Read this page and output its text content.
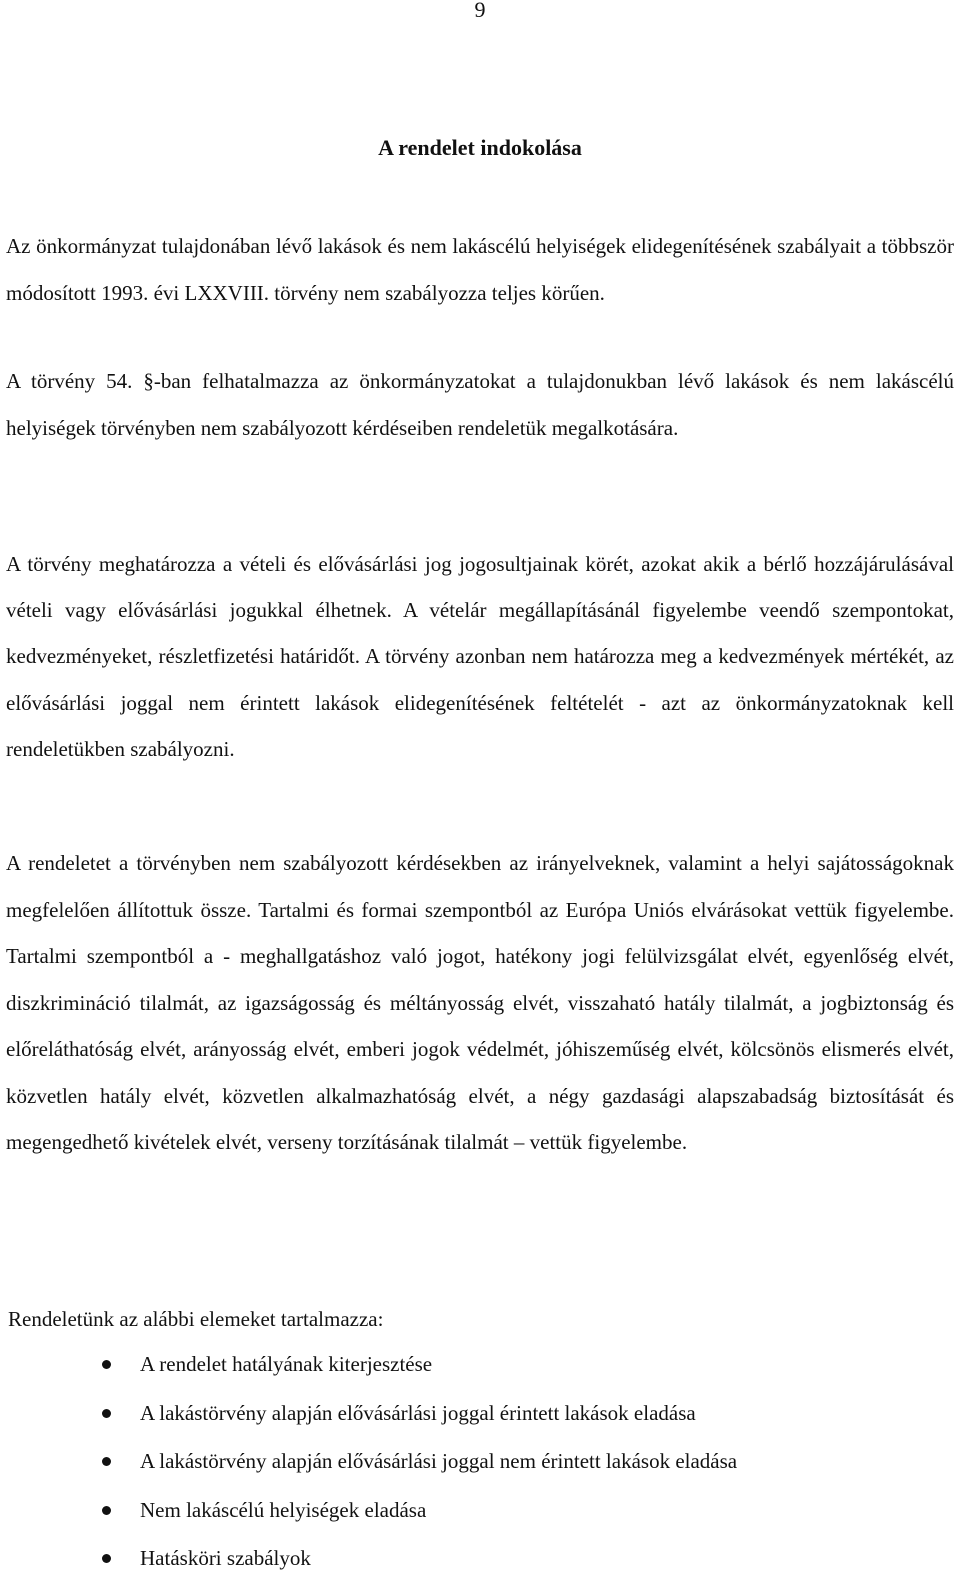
9
A rendelet indokolása

Az önkormányzat tulajdonában lévő lakások és nem lakáscélú helyiségek elidegenítésének szabályait a többször módosított 1993. évi LXXVIII. törvény nem szabályozza teljes körűen.

A törvény 54. §-ban felhatalmazza az önkormányzatokat a tulajdonukban lévő lakások és nem lakáscélú helyiségek törvényben nem szabályozott kérdéseiben rendeletük megalkotására.

A törvény meghatározza a vételi és elővásárlási jog jogosultjainak körét, azokat akik a bérlő hozzájárulásával vételi vagy elővásárlási jogukkal élhetnek. A vételár megállapításánál figyelembe veendő szempontokat, kedvezményeket, részletfizetési határidőt. A törvény azonban nem határozza meg a kedvezmények mértékét, az elővásárlási joggal nem érintett lakások elidegenítésének feltételét - azt az önkormányzatoknak kell rendeletükben szabályozni.

A rendeletet a törvényben nem szabályozott kérdésekben az irányelveknek, valamint a helyi sajátosságoknak megfelelően állítottuk össze. Tartalmi és formai szempontból az Európa Uniós elvárásokat vettük figyelembe. Tartalmi szempontból a - meghallgatáshoz való jogot, hatékony jogi felülvizsgálat elvét, egyenlőség elvét, diszkrimináció tilalmát, az igazságosság és méltányosság elvét, visszaható hatály tilalmát, a jogbiztonság és előreláthatóság elvét, arányosság elvét, emberi jogok védelmét, jóhiszeműség elvét, kölcsönös elismerés elvét, közvetlen hatály elvét, közvetlen alkalmazhatóság elvét, a négy gazdasági alapszabadság biztosítását és megengedhető kivételek elvét, verseny torzításának tilalmát – vettük figyelembe.

Rendeletünk az alábbi elemeket tartalmazza:
A rendelet hatályának kiterjesztése
A lakástörvény alapján elővásárlási joggal érintett lakások eladása
A lakástörvény alapján elővásárlási joggal nem érintett lakások eladása
Nem lakáscélú helyiségek eladása
Hatásköri szabályok
